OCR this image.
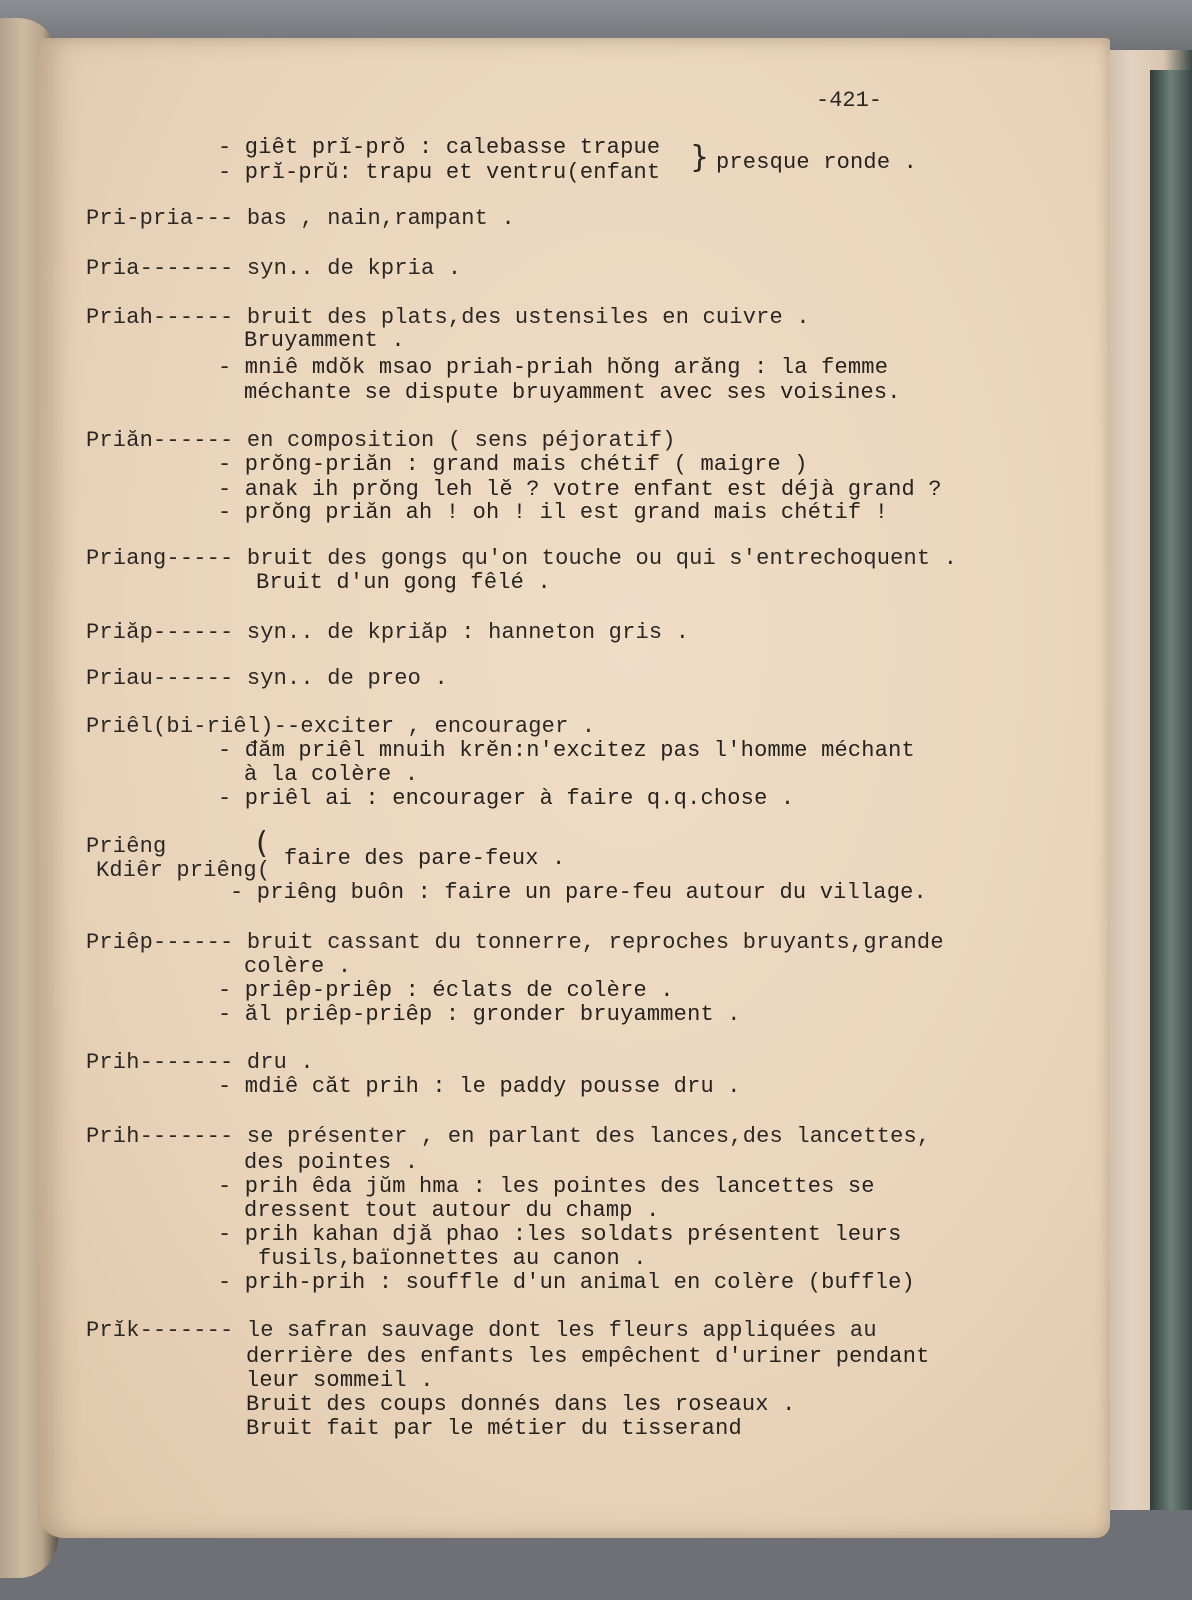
-421-
- giêt prĭ-prŏ : calebasse trapue
- prĭ-prŭ: trapu et ventru(enfant } presque ronde .
Pri-pria--- bas , nain,rampant .
Pria------- syn.. de kpria .
Priah------ bruit des plats,des ustensiles en cuivre .
Bruyamment .
- mniê mdŏk msao priah-priah hŏng arăng : la femme
méchante se dispute bruyamment avec ses voisines.
Priăn------ en composition ( sens péjoratif)
- prŏng-priăn : grand mais chétif ( maigre )
- anak ih prŏng leh lĕ ? votre enfant est déjà grand ?
- prŏng priăn ah ! oh ! il est grand mais chétif !
Priang----- bruit des gongs qu'on touche ou qui s'entrechoquent .
Bruit d'un gong fêlé .
Priăp------ syn.. de kpriăp : hanneton gris .
Priau------ syn.. de preo .
Priêl(bi-riêl)--exciter , encourager .
- đăm priêl mnuih krĕn:n'excitez pas l'homme méchant
à la colère .
- priêl ai : encourager à faire q.q.chose .
Priêng	(
Kdiêr priêng( faire des pare-feux .
- priêng buôn : faire un pare-feu autour du village.
Priêp------ bruit cassant du tonnerre, reproches bruyants,grande
colère .
- priêp-priêp : éclats de colère .
- ăl priêp-priêp : gronder bruyamment .
Prih------- dru .
- mdiê căt prih : le paddy pousse dru .
Prih------- se présenter , en parlant des lances,des lancettes,
des pointes .
- prih êda jŭm hma : les pointes des lancettes se
dressent tout autour du champ .
- prih kahan djă phao :les soldats présentent leurs
fusils,baïonnettes au canon .
- prih-prih : souffle d'un animal en colère (buffle)
Prĭk------- le safran sauvage dont les fleurs appliquées au
derrière des enfants les empêchent d'uriner pendant
leur sommeil .
Bruit des coups donnés dans les roseaux .
Bruit fait par le métier du tisserand
